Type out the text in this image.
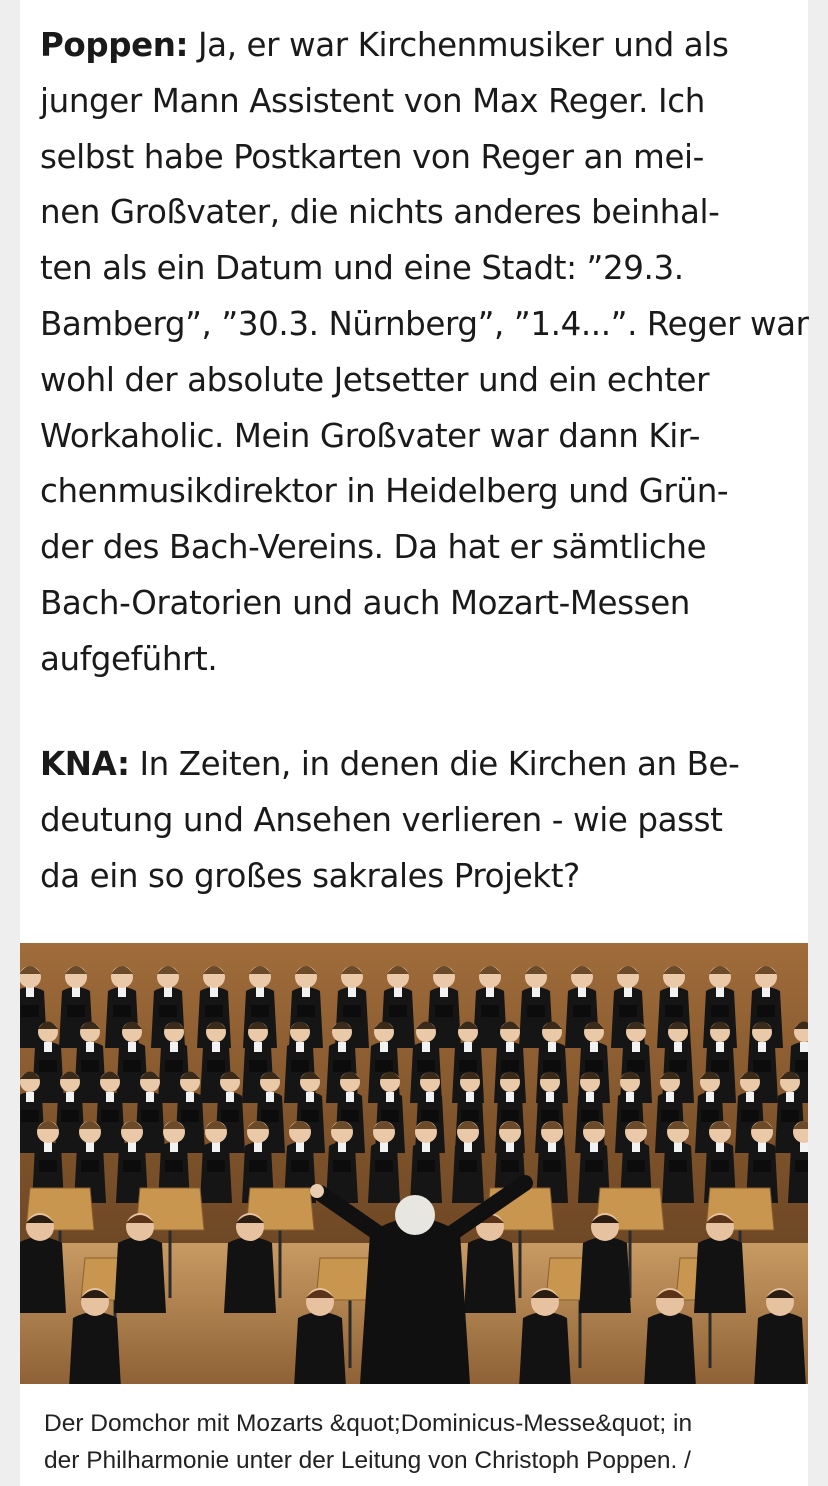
Poppen: Ja, er war Kirchenmusiker und als
junger Mann Assistent von Max Reger. Ich
selbst habe Postkarten von Reger an mei-
nen Großvater, die nichts anderes beinhal-
ten als ein Datum und eine Stadt: ”29.3.
Bamberg”, ”30.3. Nürnberg”, ”1.4...”. Reger war
wohl der absolute Jetsetter und ein echter
Workaholic. Mein Großvater war dann Kir-
chenmusikdirektor in Heidelberg und Grün-
der des Bach-Vereins. Da hat er sämtliche
Bach-Oratorien und auch Mozart-Messen
aufgeführt.
KNA: In Zeiten, in denen die Kirchen an Be-
deutung und Ansehen verlieren - wie passt
da ein so großes sakrales Projekt?
Der Domchor mit Mozarts &quot;Dominicus-Messe&quot; in
der Philharmonie unter der Leitung von Christoph Poppen. /
